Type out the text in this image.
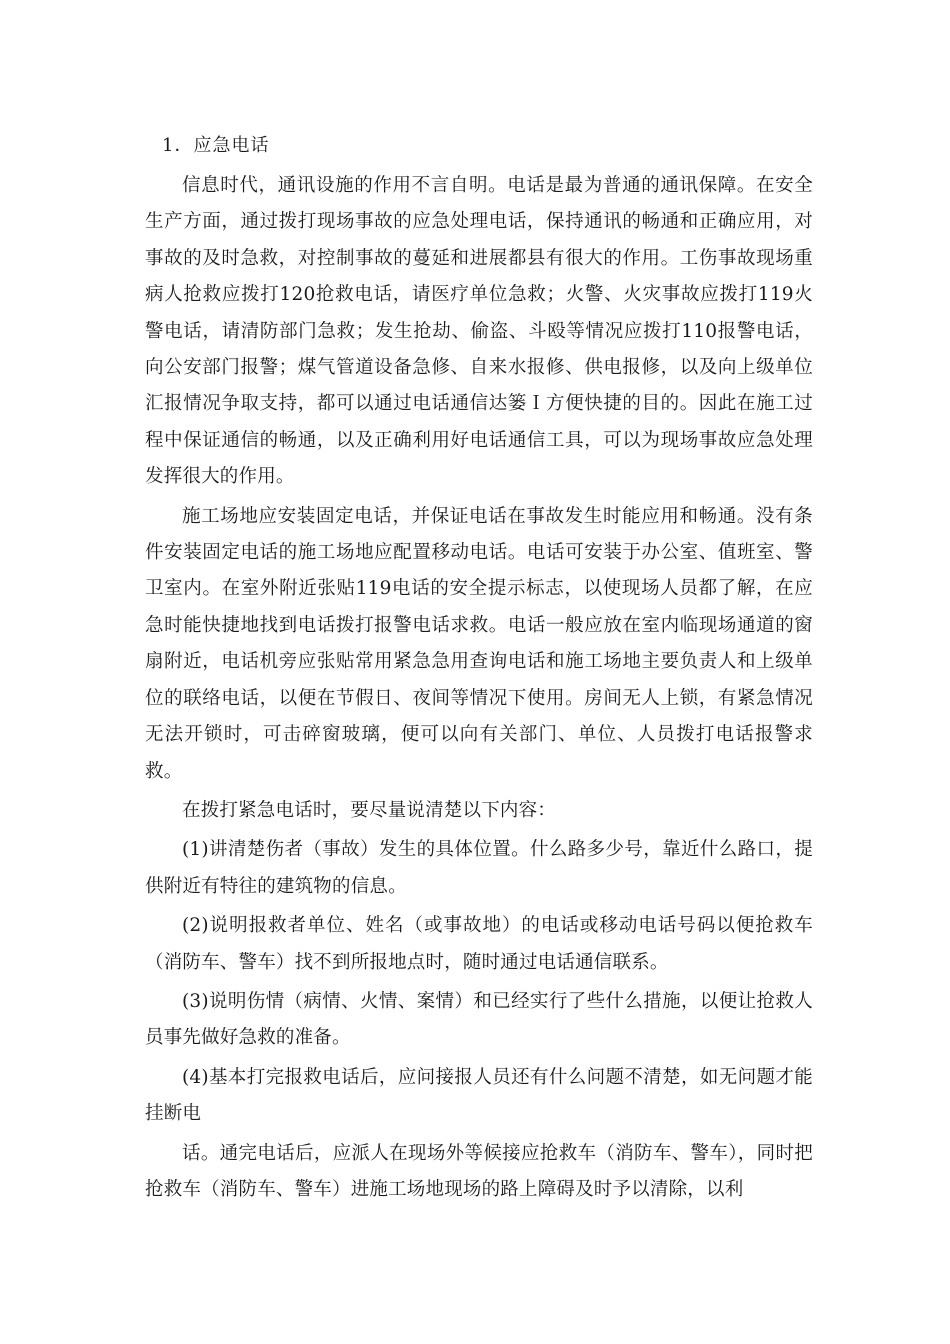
1．应急电话

信息时代，通讯设施的作用不言自明。电话是最为普通的通讯保障。在安全生产方面，通过拨打现场事故的应急处理电话，保持通讯的畅通和正确应用，对事故的及时急救，对控制事故的蔓延和进展都县有很大的作用。工伤事故现场重病人抢救应拨打120抢救电话，请医疗单位急救；火警、火灾事故应拨打119火警电话，请清防部门急救；发生抢劫、偷盗、斗殴等情况应拨打110报警电话，向公安部门报警；煤气管道设备急修、自来水报修、供电报修，以及向上级单位汇报情况争取支持，都可以通过电话通信达篓Ｉ方便快捷的目的。因此在施工过程中保证通信的畅通，以及正确利用好电话通信工具，可以为现场事故应急处理发挥很大的作用。

施工场地应安装固定电话，并保证电话在事故发生时能应用和畅通。没有条件安装固定电话的施工场地应配置移动电话。电话可安装于办公室、值班室、警卫室内。在室外附近张贴119电话的安全提示标志，以使现场人员都了解，在应急时能快捷地找到电话拨打报警电话求救。电话一般应放在室内临现场通道的窗扇附近，电话机旁应张贴常用紧急急用查询电话和施工场地主要负责人和上级单位的联络电话，以便在节假日、夜间等情况下使用。房间无人上锁，有紧急情况无法开锁时，可击碎窗玻璃，便可以向有关部门、单位、人员拨打电话报警求救。

在拨打紧急电话时，要尽量说清楚以下内容：

(1)讲清楚伤者（事故）发生的具体位置。什么路多少号，靠近什么路口，提供附近有特往的建筑物的信息。

(2)说明报救者单位、姓名（或事故地）的电话或移动电话号码以便抢救车（消防车、警车）找不到所报地点时，随时通过电话通信联系。

(3)说明伤情（病情、火情、案情）和已经实行了些什么措施，以便让抢救人员事先做好急救的准备。

(4)基本打完报救电话后，应问接报人员还有什么问题不清楚，如无问题才能挂断电

话。通完电话后，应派人在现场外等候接应抢救车（消防车、警车），同时把抢救车（消防车、警车）进施工场地现场的路上障碍及时予以清除，以利
